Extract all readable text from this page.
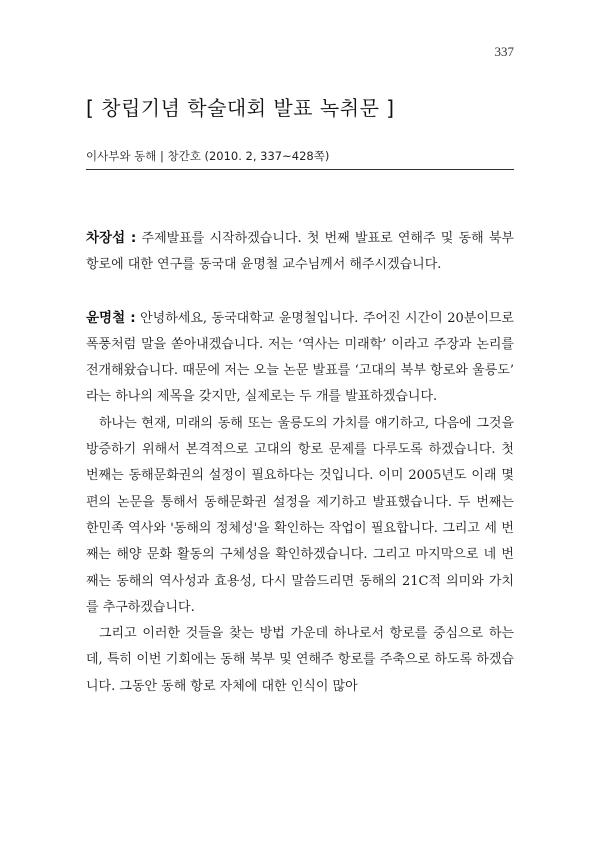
337
[ 창립기념 학술대회 발표 녹취문 ]
이사부와 동해 | 창간호 (2010. 2, 337~428쪽)

차장섭 : 주제발표를 시작하겠습니다. 첫 번째 발표로 연해주 및 동해 북부 항로에 대한 연구를 동국대 윤명철 교수님께서 해주시겠습니다.

윤명철 : 안녕하세요, 동국대학교 윤명철입니다. 주어진 시간이 20분이므로 폭풍처럼 말을 쏟아내겠습니다. 저는 ‘역사는 미래학’ 이라고 주장과 논리를 전개해왔습니다. 때문에 저는 오늘 논문 발표를 ‘고대의 북부 항로와 울릉도’ 라는 하나의 제목을 갖지만, 실제로는 두 개를 발표하겠습니다.

하나는 현재, 미래의 동해 또는 울릉도의 가치를 얘기하고, 다음에 그것을 방증하기 위해서 본격적으로 고대의 항로 문제를 다루도록 하겠습니다. 첫 번째는 동해문화권의 설정이 필요하다는 것입니다. 이미 2005년도 이래 몇 편의 논문을 통해서 동해문화권 설정을 제기하고 발표했습니다. 두 번째는 한민족 역사와 '동해의 정체성'을 확인하는 작업이 필요합니다. 그리고 세 번째는 해양 문화 활동의 구체성을 확인하겠습니다. 그리고 마지막으로 네 번째는 동해의 역사성과 효용성, 다시 말씀드리면 동해의 21C적 의미와 가치를 추구하겠습니다.

그리고 이러한 것들을 찾는 방법 가운데 하나로서 항로를 중심으로 하는데, 특히 이번 기회에는 동해 북부 및 연해주 항로를 주축으로 하도록 하겠습니다. 그동안 동해 항로 자체에 대한 인식이 많아
